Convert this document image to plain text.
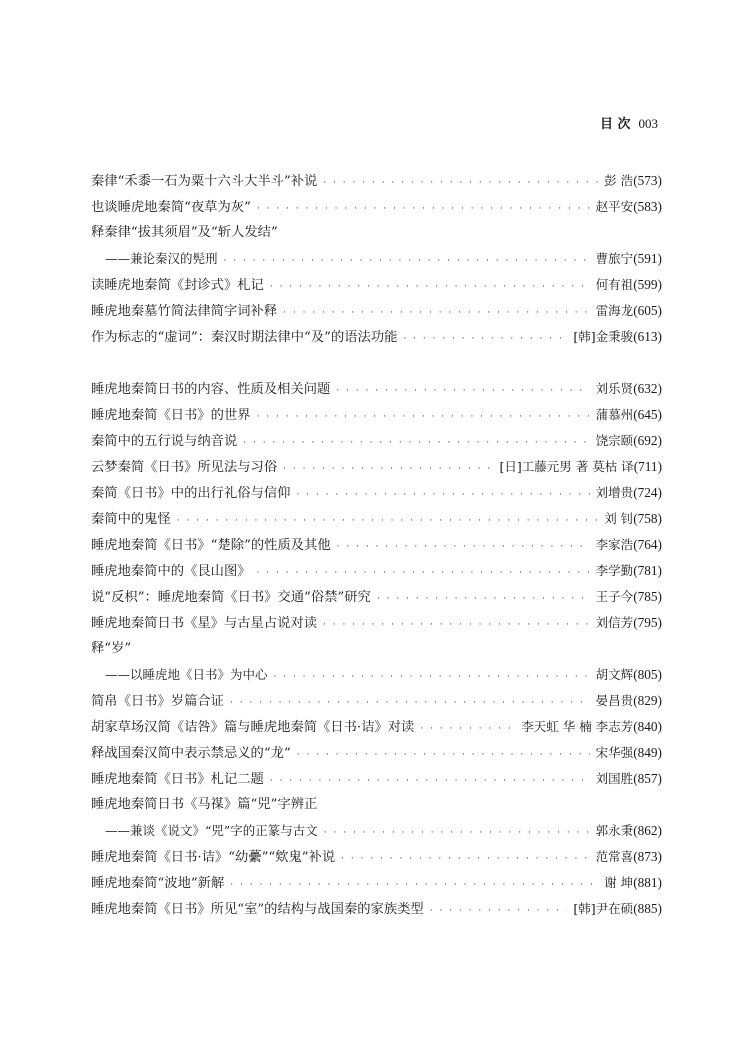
目 次 003
秦律“禾黍一石为粟十六斗大半斗”补说 · · ·	彭 浩 (573)
也谈睡虎地秦简“夜草为灰” · · ·	赵平安 (583)
释秦律“拔其须眉”及“斩人发结”
——兼论秦汉的髡刑 · · ·	曹旅宁 (591)
读睡虎地秦简《封诊式》札记 · · ·	何有祖 (599)
睡虎地秦墓竹简法律简字词补释 · · ·	雷海龙 (605)
作为标志的“虚词”：秦汉时期法律中“及”的语法功能 · · ·	[韩]金秉骏 (613)
睡虎地秦简日书的内容、性质及相关问题 · · ·	刘乐贤 (632)
睡虎地秦简《日书》的世界 · · ·	蒲慕州 (645)
秦简中的五行说与纳音说 · · ·	饶宗颐 (692)
云梦秦简《日书》所见法与习俗 · · ·	[日]工藤元男 著 莫枯 译 (711)
秦简《日书》中的出行礼俗与信仰 · · ·	刘增贵 (724)
秦简中的鬼怪 · · ·	刘 钊 (758)
睡虎地秦简《日书》“楚除”的性质及其他 · · ·	李家浩 (764)
睡虎地秦简中的《艮山图》 · · ·	李学勤 (781)
说“反枳”：睡虎地秦简《日书》交通“俗禁”研究 · · ·	王子今 (785)
睡虎地秦简日书《星》与古星占说对读 · · ·	刘信芳 (795)
释“岁”
——以睡虎地《日书》为中心 · · ·	胡文辉 (805)
简帛《日书》岁篇合证 · · ·	晏昌贵 (829)
胡家草场汉简《诘咎》篇与睡虎地秦简《日书·诘》对读 · · ·	李天虹 华 楠 李志芳 (840)
释战国秦汉简中表示禁忌义的“龙” · · ·	宋华强 (849)
睡虎地秦简《日书》札记二题 · · ·	刘国胜 (857)
睡虎地秦简日书《马禖》篇“兕”字辨正
——兼谈《说文》“兕”字的正篆与古文 · · ·	郭永秉 (862)
睡虎地秦简《日书·诘》“幼虆”“欸鬼”补说 · · ·	范常喜 (873)
睡虎地秦简“波地”新解 · · ·	谢 坤 (881)
睡虎地秦简《日书》所见“室”的结构与战国秦的家族类型 · · ·	[韩]尹在硕 (885)
